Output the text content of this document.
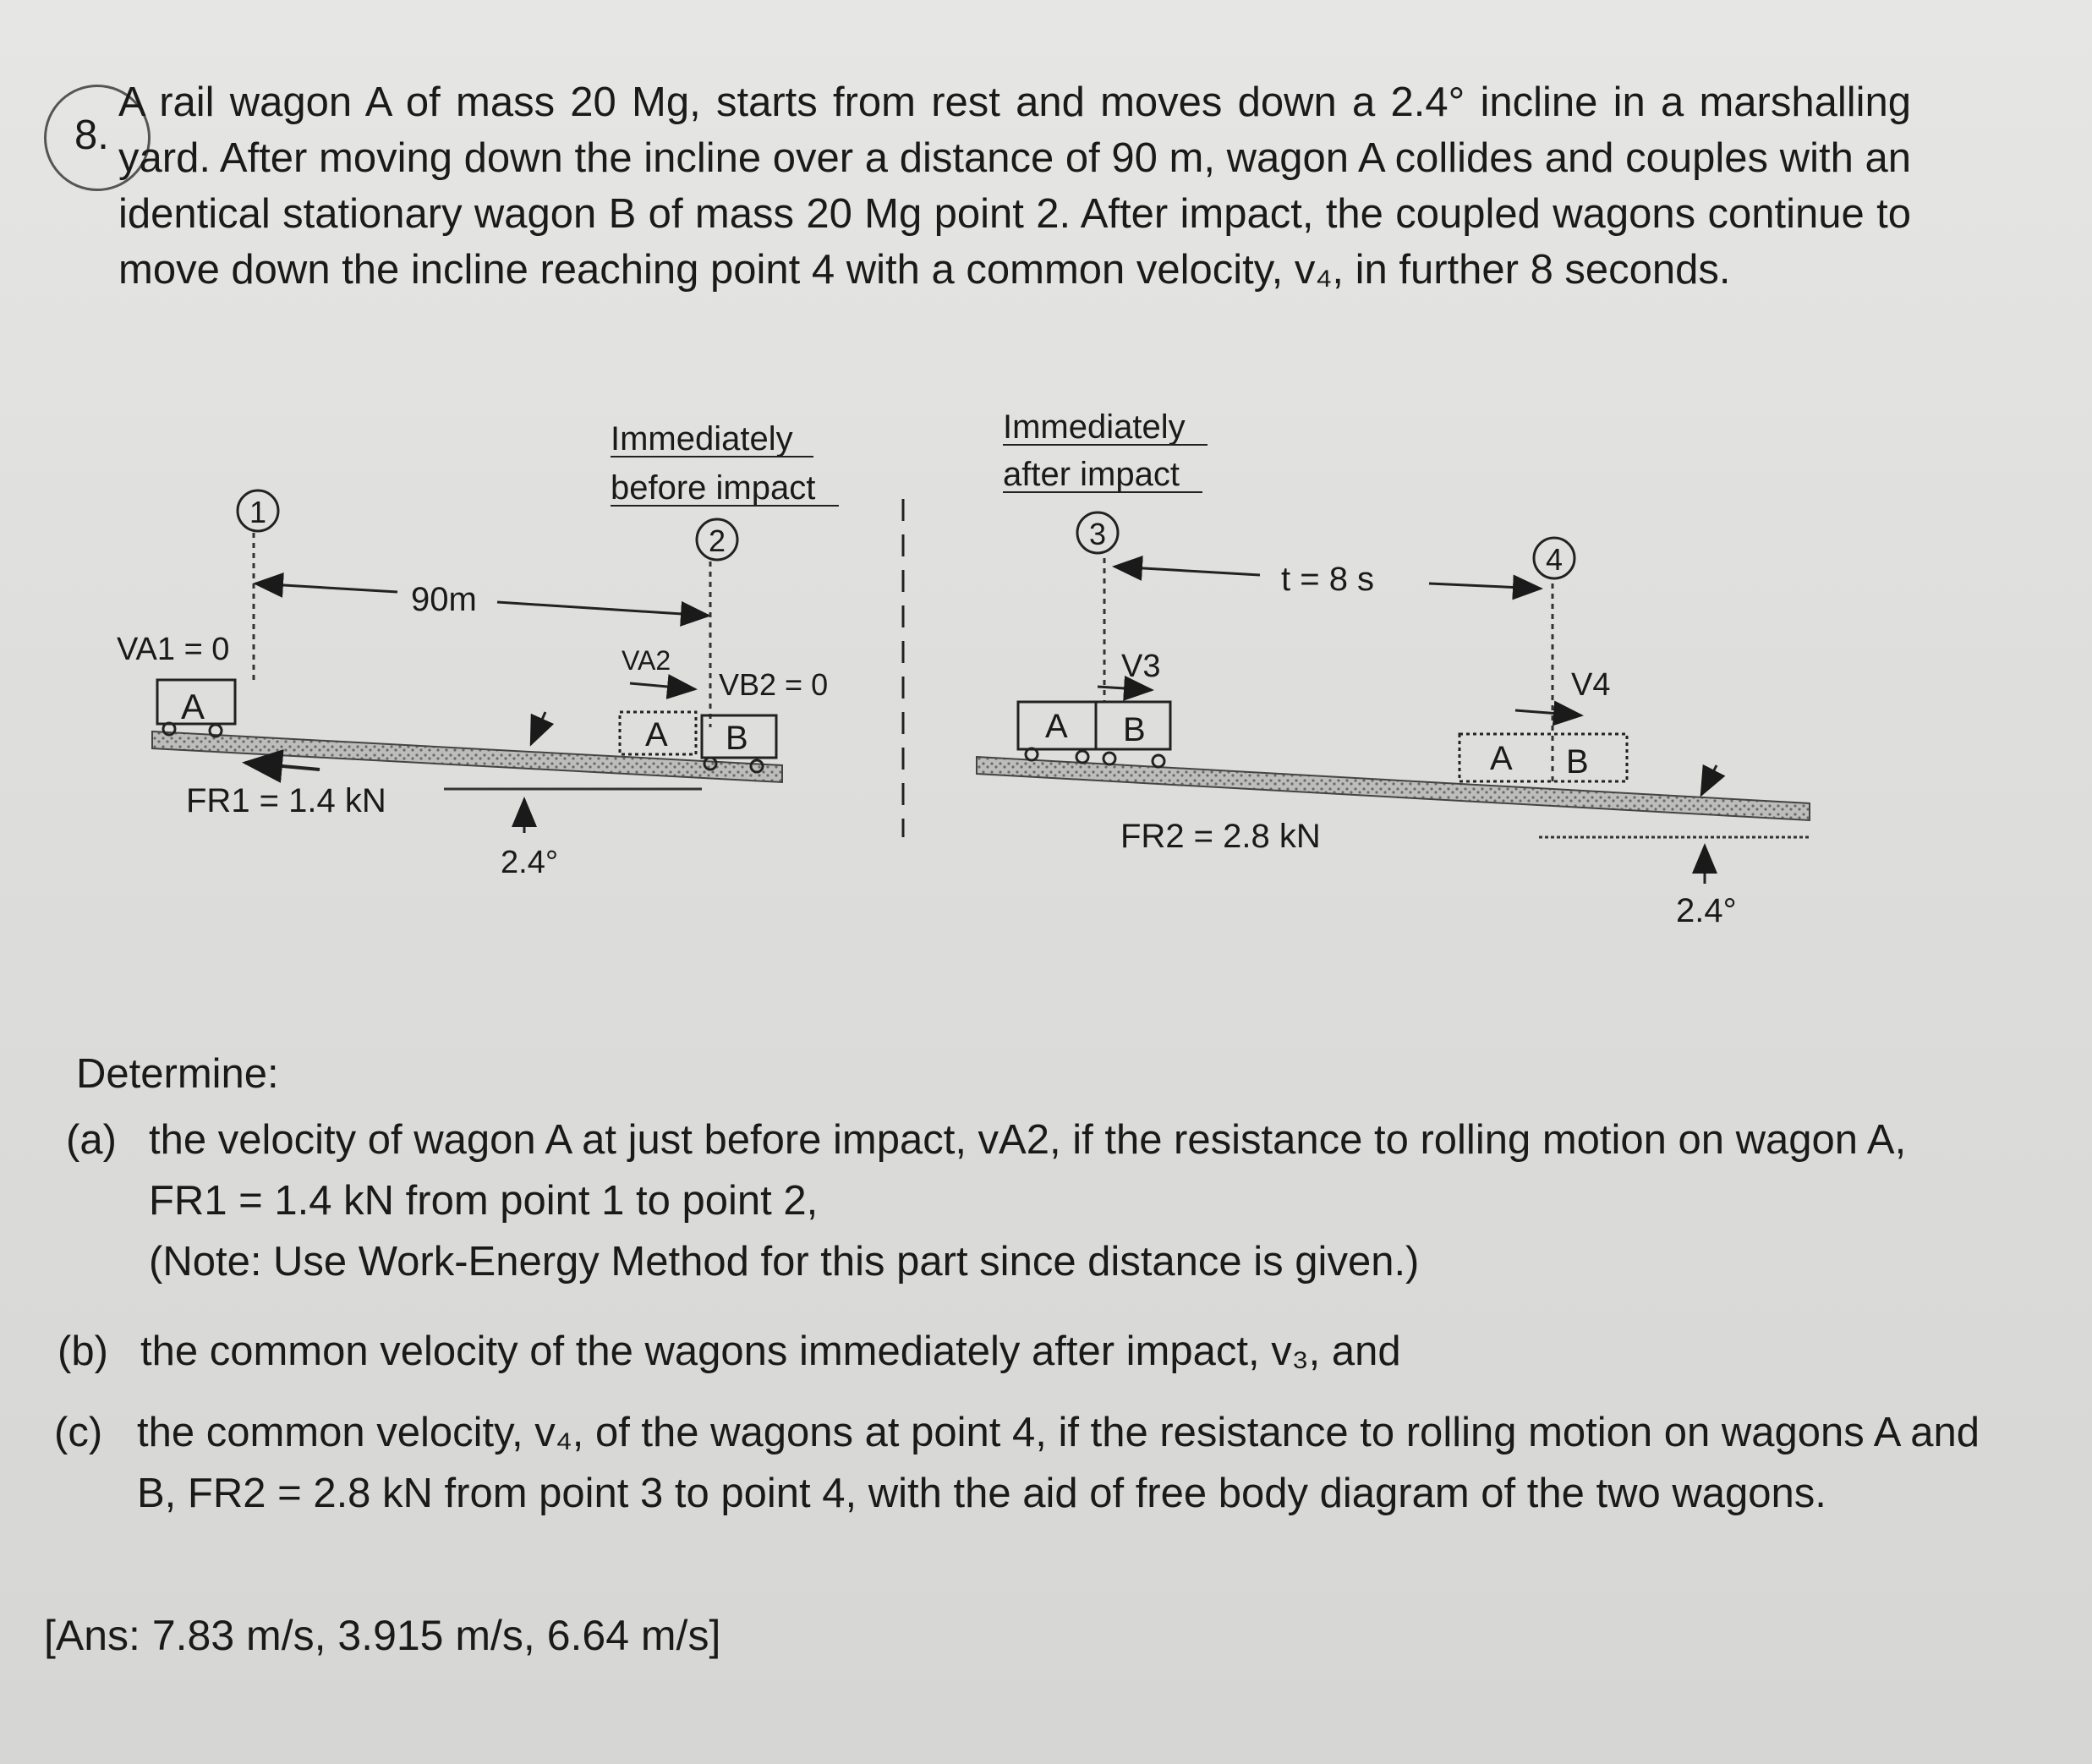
8.
A rail wagon A of mass 20 Mg, starts from rest and moves down a 2.4° incline in a marshalling yard. After moving down the incline over a distance of 90 m, wagon A collides and couples with an identical stationary wagon B of mass 20 Mg point 2. After impact, the coupled wagons continue to move down the incline reaching point 4 with a common velocity, v₄, in further 8 seconds.
A
1
90m
VA1 = 0
FR1 = 1.4 kN
2.4°
Immediately
before impact
2
VA2
VB2 = 0
A B
Immediately
after impact
3
t = 8 s
V3
A B
FR2 = 2.8 kN
4
V4
A B
2.4°
Determine:
(a) the velocity of wagon A at just before impact, vA2, if the resistance to rolling motion on wagon A, FR1 = 1.4 kN from point 1 to point 2,
(Note: Use Work-Energy Method for this part since distance is given.)
(b) the common velocity of the wagons immediately after impact, v₃, and
(c) the common velocity, v₄, of the wagons at point 4, if the resistance to rolling motion on wagons A and B, FR2 = 2.8 kN from point 3 to point 4, with the aid of free body diagram of the two wagons.
[Ans: 7.83 m/s, 3.915 m/s, 6.64 m/s]
